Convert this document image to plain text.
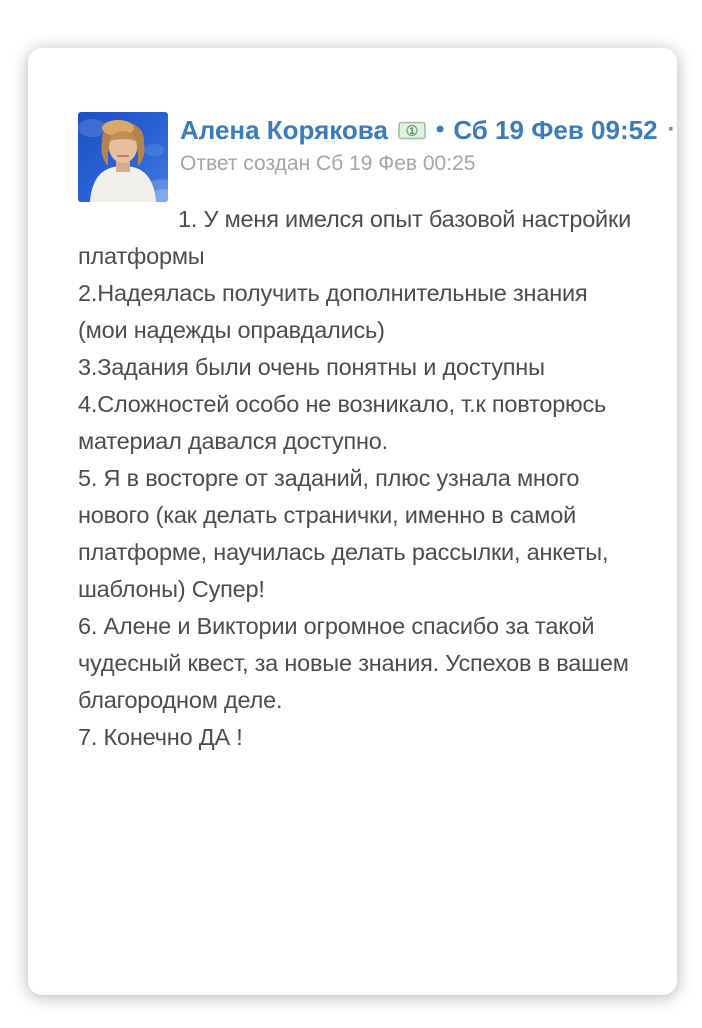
Алена Корякова 1 • Сб 19 Фев 09:52 ·
Ответ создан Сб 19 Фев 00:25

1. У меня имелся опыт базовой настройки платформы

2.Надеялась получить дополнительные знания (мои надежды оправдались)

3.Задания были очень понятны и доступны

4.Сложностей особо не возникало, т.к повторюсь материал давался доступно.

5. Я в восторге от заданий, плюс узнала много нового (как делать странички, именно в самой платформе, научилась делать рассылки, анкеты, шаблоны) Супер!

6. Алене и Виктории огромное спасибо за такой чудесный квест, за новые знания. Успехов в вашем благородном деле.

7. Конечно ДА !
